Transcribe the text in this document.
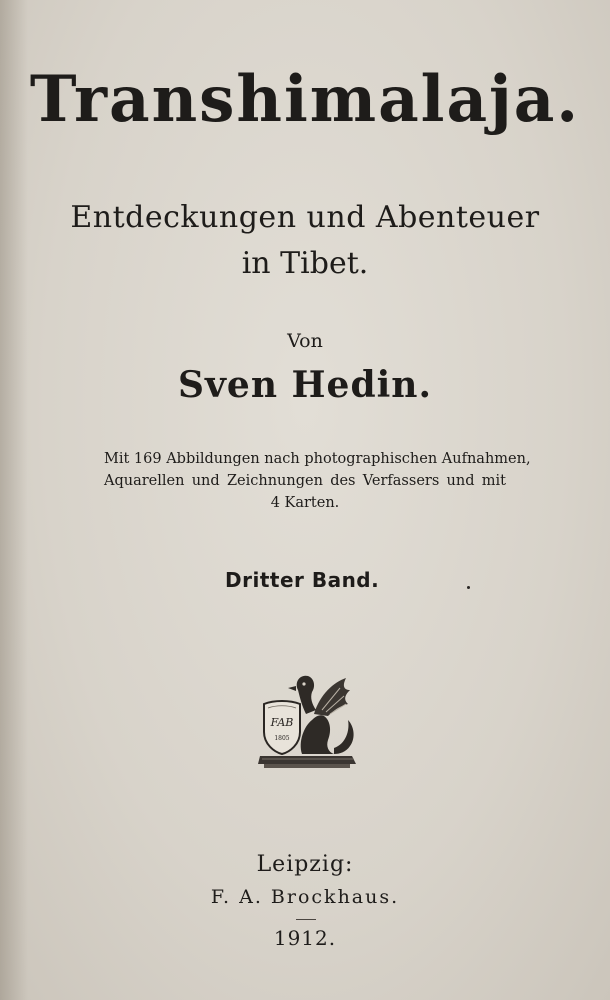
Transhimalaja.
Entdeckungen und Abenteuer
in Tibet.
Von
Sven Hedin.
Mit 169 Abbildungen nach photographischen Aufnahmen,
Aquarellen und Zeichnungen des Verfassers und mit
4 Karten.
Dritter Band.
FAB
1805
Leipzig:
F. A. Brockhaus.
1912.
